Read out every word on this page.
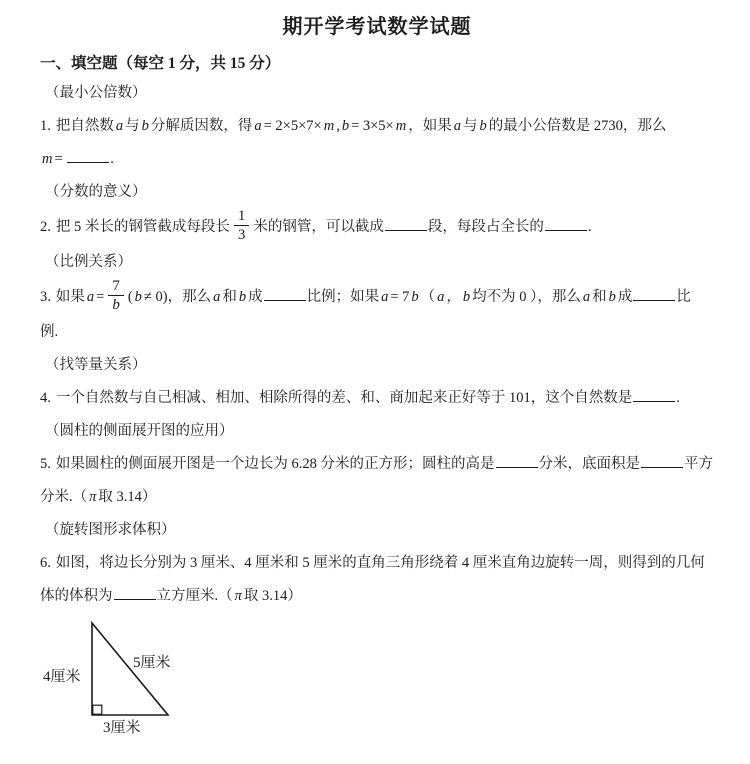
期开学考试数学试题
一、填空题（每空 1 分，共 15 分）

（最小公倍数）

1. 把自然数 a 与 b 分解质因数，得 a = 2×5×7× m , b = 3×5× m ，如果 a 与 b 的最小公倍数是 2730，那么
m =	.

（分数的意义）

2. 把 5 米长的钢管截成每段长 $\frac{1}{3}$ 米的钢管，可以截成	段，每段占全长的	.

（比例关系）

3. 如果 $a = \frac{7}{b}$ ( b ≠ 0)，那么 a 和 b 成	比例；如果 a = 7 b （ a ， b 均不为 0 ），那么 a 和 b 成	比
例.

（找等量关系）

4. 一个自然数与自己相减、相加、相除所得的差、和、商加起来正好等于 101，这个自然数是	.

（圆柱的侧面展开图的应用）

5. 如果圆柱的侧面展开图是一个边长为 6.28 分米的正方形；圆柱的高是	分米，底面积是	平方
分米.（ π 取 3.14）

（旋转图形求体积）

6. 如图，将边长分别为 3 厘米、4 厘米和 5 厘米的直角三角形绕着 4 厘米直角边旋转一周，则得到的几何
体的体积为	立方厘米.（ π 取 3.14）

4厘米
5厘米
3厘米
